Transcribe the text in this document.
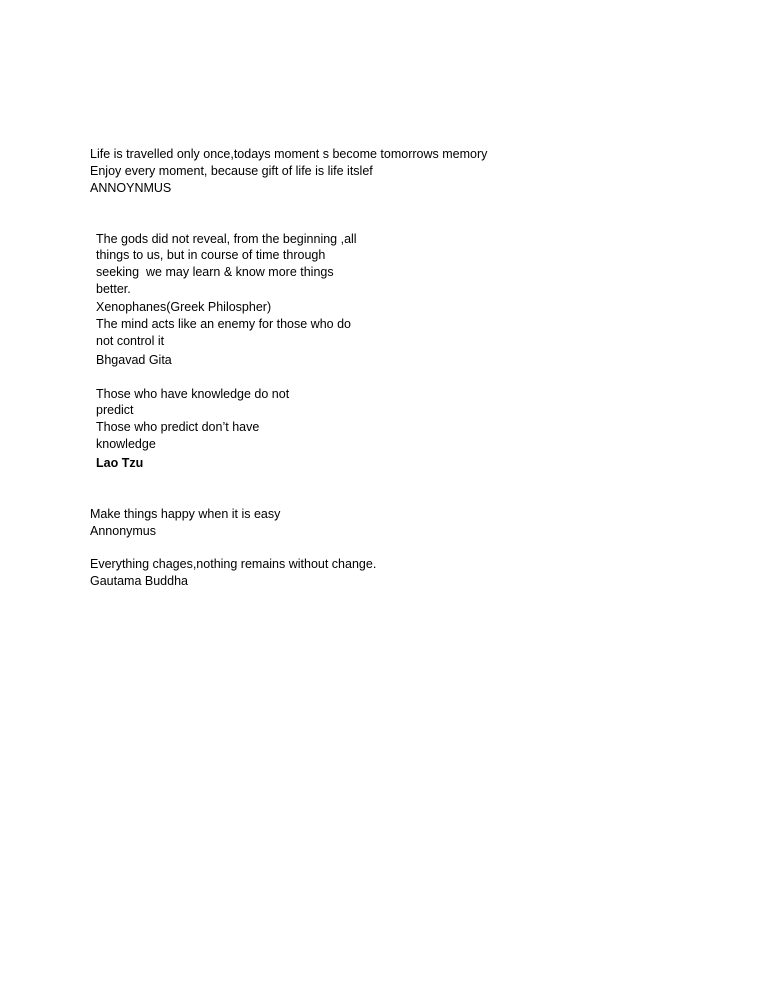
Life is travelled only once,todays moment s become tomorrows memory
Enjoy every moment, because gift of life is life itslef
ANNOYNMUS
The gods did not reveal, from the beginning ,all
things to us, but in course of time through
seeking  we may learn & know more things
better.
Xenophanes(Greek Philospher)
The mind acts like an enemy for those who do
not control it
Bhgavad Gita
Those who have knowledge do not
predict
Those who predict don’t have
knowledge
Lao Tzu
Make things happy when it is easy
Annonymus
Everything chages,nothing remains without change.
Gautama Buddha
